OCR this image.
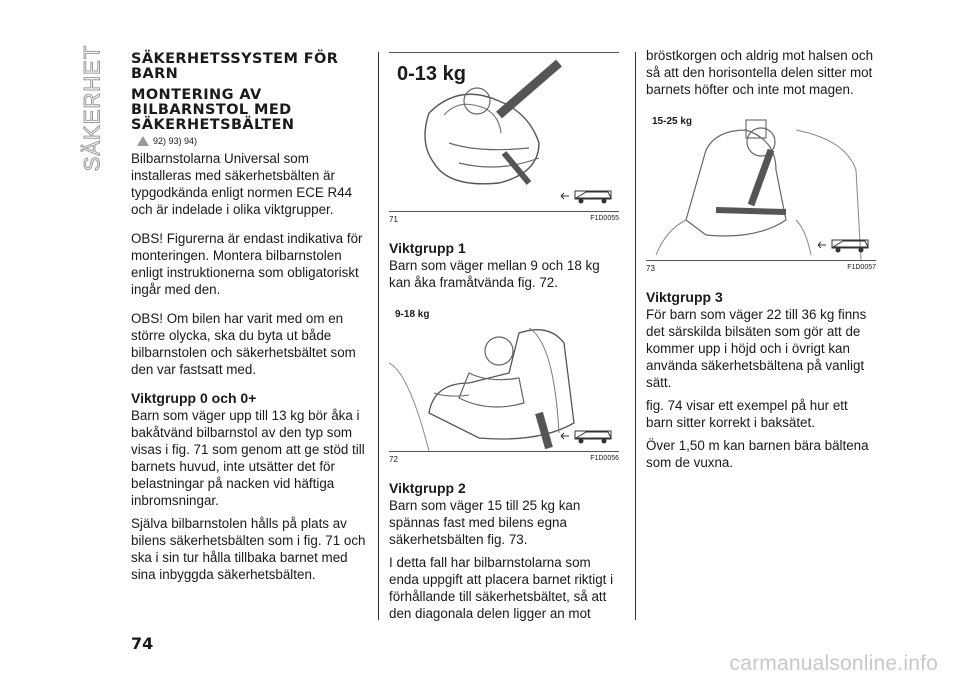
SÄKERHET SÄKERHETSSYSTEM FÖR BARN
MONTERING AV BILBARNSTOL MED SÄKERHETSBÄLTEN
92) 93) 94)

Bilbarnstolarna Universal som installeras med säkerhetsbälten är typgodkända enligt normen ECE R44 och är indelade i olika viktgrupper.

OBS! Figurerna är endast indikativa för monteringen. Montera bilbarnstolen enligt instruktionerna som obligatoriskt ingår med den.

OBS! Om bilen har varit med om en större olycka, ska du byta ut både bilbarnstolen och säkerhetsbältet som den var fastsatt med.

Viktgrupp 0 och 0+

Barn som väger upp till 13 kg bör åka i bakåtvänd bilbarnstol av den typ som visas i fig. 71 som genom att ge stöd till barnets huvud, inte utsätter det för belastningar på nacken vid häftiga inbromsningar.

Själva bilbarnstolen hålls på plats av bilens säkerhetsbälten som i fig. 71 och ska i sin tur hålla tillbaka barnet med sina inbyggda säkerhetsbälten.

0-13 kg
71	F1D0055
Viktgrupp 1

Barn som väger mellan 9 och 18 kg kan åka framåtvända fig. 72.

9-18 kg
72	F1D0056
Viktgrupp 2

Barn som väger 15 till 25 kg kan spännas fast med bilens egna säkerhetsbälten fig. 73.

I detta fall har bilbarnstolarna som enda uppgift att placera barnet riktigt i förhållande till säkerhetsbältet, så att den diagonala delen ligger an mot

bröstkorgen och aldrig mot halsen och så att den horisontella delen sitter mot barnets höfter och inte mot magen.

15-25 kg
73	F1D0057
Viktgrupp 3

För barn som väger 22 till 36 kg finns det särskilda bilsäten som gör att de kommer upp i höjd och i övrigt kan använda säkerhetsbältena på vanligt sätt.

fig. 74 visar ett exempel på hur ett barn sitter korrekt i baksätet.

Över 1,50 m kan barnen bära bältena som de vuxna.

74
carmanualsonline.info
